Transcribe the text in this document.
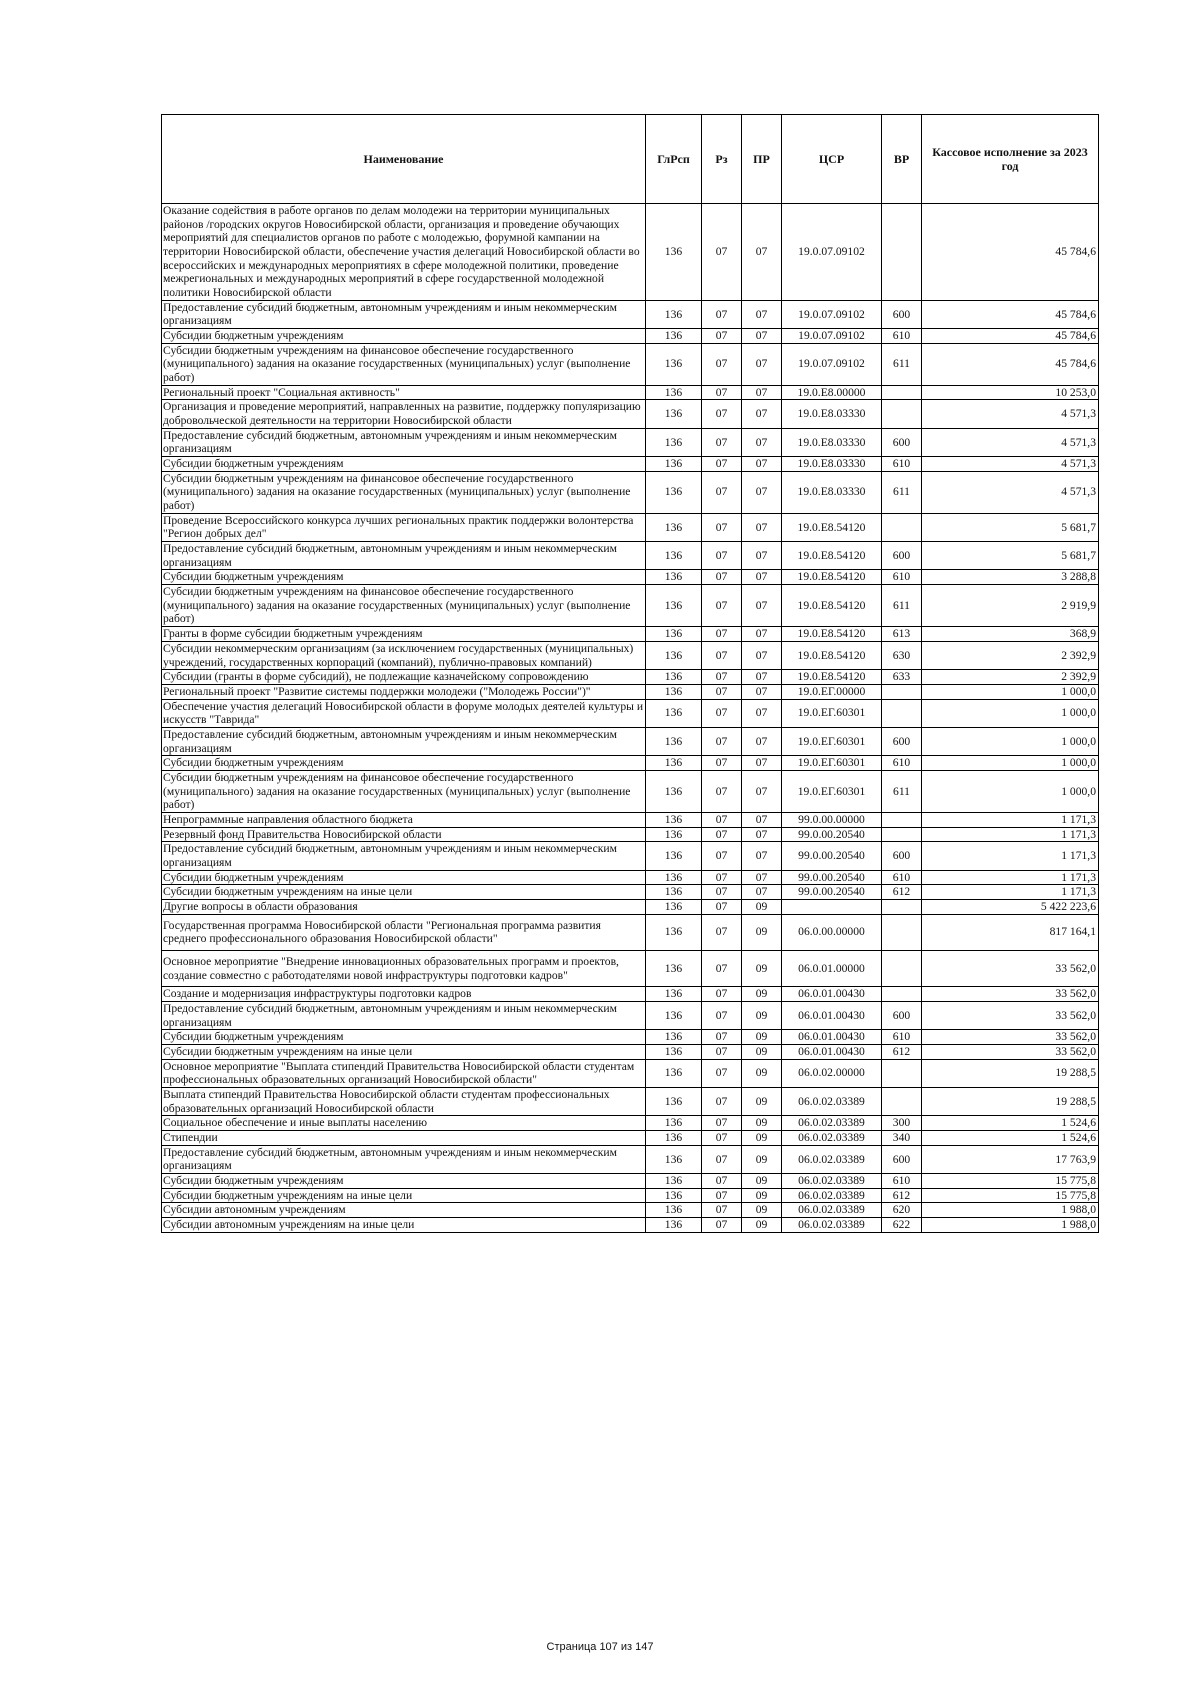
Наименование	ГлРсп	Рз	ПР	ЦСР	ВР	Кассовое исполнение за 2023 год
Оказание содействия в работе органов по делам молодежи на территории муниципальных районов /городских округов Новосибирской области, организация и проведение обучающих мероприятий для специалистов органов по работе с молодежью, форумной кампании на территории Новосибирской области, обеспечение участия делегаций Новосибирской области во всероссийских и международных мероприятиях в сфере молодежной политики, проведение межрегиональных и международных мероприятий в сфере государственной молодежной политики Новосибирской области	136	07	07	19.0.07.09102		45 784,6
Предоставление субсидий бюджетным, автономным учреждениям и иным некоммерческим организациям	136	07	07	19.0.07.09102	600	45 784,6
Субсидии бюджетным учреждениям	136	07	07	19.0.07.09102	610	45 784,6
Субсидии бюджетным учреждениям на финансовое обеспечение государственного (муниципального) задания на оказание государственных (муниципальных) услуг (выполнение работ)	136	07	07	19.0.07.09102	611	45 784,6
Региональный проект "Социальная активность"	136	07	07	19.0.E8.00000		10 253,0
Организация и проведение мероприятий, направленных на развитие, поддержку популяризацию добровольческой деятельности на территории Новосибирской области	136	07	07	19.0.E8.03330		4 571,3
Предоставление субсидий бюджетным, автономным учреждениям и иным некоммерческим организациям	136	07	07	19.0.E8.03330	600	4 571,3
Субсидии бюджетным учреждениям	136	07	07	19.0.E8.03330	610	4 571,3
Субсидии бюджетным учреждениям на финансовое обеспечение государственного (муниципального) задания на оказание государственных (муниципальных) услуг (выполнение работ)	136	07	07	19.0.E8.03330	611	4 571,3
Проведение Всероссийского конкурса лучших региональных практик поддержки волонтерства "Регион добрых дел"	136	07	07	19.0.E8.54120		5 681,7
Предоставление субсидий бюджетным, автономным учреждениям и иным некоммерческим организациям	136	07	07	19.0.E8.54120	600	5 681,7
Субсидии бюджетным учреждениям	136	07	07	19.0.E8.54120	610	3 288,8
Субсидии бюджетным учреждениям на финансовое обеспечение государственного (муниципального) задания на оказание государственных (муниципальных) услуг (выполнение работ)	136	07	07	19.0.E8.54120	611	2 919,9
Гранты в форме субсидии бюджетным учреждениям	136	07	07	19.0.E8.54120	613	368,9
Субсидии некоммерческим организациям (за исключением государственных (муниципальных) учреждений, государственных корпораций (компаний), публично-правовых компаний)	136	07	07	19.0.E8.54120	630	2 392,9
Субсидии (гранты в форме субсидий), не подлежащие казначейскому сопровождению	136	07	07	19.0.E8.54120	633	2 392,9
Региональный проект "Развитие системы поддержки молодежи ("Молодежь России")"	136	07	07	19.0.ЕГ.00000		1 000,0
Обеспечение участия делегаций Новосибирской области в форуме молодых деятелей культуры и искусств "Таврида"	136	07	07	19.0.ЕГ.60301		1 000,0
Предоставление субсидий бюджетным, автономным учреждениям и иным некоммерческим организациям	136	07	07	19.0.ЕГ.60301	600	1 000,0
Субсидии бюджетным учреждениям	136	07	07	19.0.ЕГ.60301	610	1 000,0
Субсидии бюджетным учреждениям на финансовое обеспечение государственного (муниципального) задания на оказание государственных (муниципальных) услуг (выполнение работ)	136	07	07	19.0.ЕГ.60301	611	1 000,0
Непрограммные направления областного бюджета	136	07	07	99.0.00.00000		1 171,3
Резервный фонд Правительства Новосибирской области	136	07	07	99.0.00.20540		1 171,3
Предоставление субсидий бюджетным, автономным учреждениям и иным некоммерческим организациям	136	07	07	99.0.00.20540	600	1 171,3
Субсидии бюджетным учреждениям	136	07	07	99.0.00.20540	610	1 171,3
Субсидии бюджетным учреждениям на иные цели	136	07	07	99.0.00.20540	612	1 171,3
Другие вопросы в области образования	136	07	09			5 422 223,6
Государственная программа Новосибирской области "Региональная программа развития среднего профессионального образования Новосибирской области"	136	07	09	06.0.00.00000		817 164,1
Основное мероприятие "Внедрение инновационных образовательных программ и проектов, создание совместно с работодателями новой инфраструктуры подготовки кадров"	136	07	09	06.0.01.00000		33 562,0
Создание и модернизация инфраструктуры подготовки кадров	136	07	09	06.0.01.00430		33 562,0
Предоставление субсидий бюджетным, автономным учреждениям и иным некоммерческим организациям	136	07	09	06.0.01.00430	600	33 562,0
Субсидии бюджетным учреждениям	136	07	09	06.0.01.00430	610	33 562,0
Субсидии бюджетным учреждениям на иные цели	136	07	09	06.0.01.00430	612	33 562,0
Основное мероприятие "Выплата стипендий Правительства Новосибирской области студентам профессиональных образовательных организаций Новосибирской области"	136	07	09	06.0.02.00000		19 288,5
Выплата стипендий Правительства Новосибирской области студентам профессиональных образовательных организаций Новосибирской области	136	07	09	06.0.02.03389		19 288,5
Социальное обеспечение и иные выплаты населению	136	07	09	06.0.02.03389	300	1 524,6
Стипендии	136	07	09	06.0.02.03389	340	1 524,6
Предоставление субсидий бюджетным, автономным учреждениям и иным некоммерческим организациям	136	07	09	06.0.02.03389	600	17 763,9
Субсидии бюджетным учреждениям	136	07	09	06.0.02.03389	610	15 775,8
Субсидии бюджетным учреждениям на иные цели	136	07	09	06.0.02.03389	612	15 775,8
Субсидии автономным учреждениям	136	07	09	06.0.02.03389	620	1 988,0
Субсидии автономным учреждениям на иные цели	136	07	09	06.0.02.03389	622	1 988,0
Страница 107 из 147
